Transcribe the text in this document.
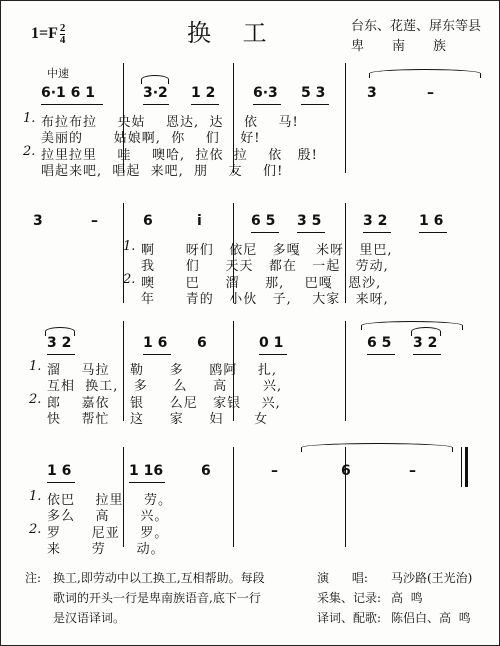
$1=F \frac{2}{4}$	换 工	台东、花莲、屏东等县
卑 南 族
中速
6·1 6 1	3·2 1 2	6·3 5 3	3	–
1. 布拉布拉    央姑    恩达,  达    依    马!
美丽的      姑娘啊,  你    们    好!
2. 拉里拉里    哇    噢哈,  拉依  拉    依   殷!
唱起来吧,  唱起  来吧,  朋    友    们!
3	–	6	i	6 5 3 5	3 2 1 6
1. 啊      呀们   依尼   多嘎   米呀   里巴,
我      们     天天   都在   一起   劳动,
2. 噢      巴     溜     那,    巴嘎   恩沙,
年      青的   小伙   子,    大家   来呀,
3 2	1 6 6	0 1	6 5 3 2
1. 溜    马拉    勒     多     鸥阿    扎,
互相  换工,   多     么     高       兴,
2. 郎    嘉依    银     么尼   家银    兴,
快    帮忙    这     家     妇      女
1 6	1 16	6	–	6	–
1. 依巴    拉里    劳。
多么    高      兴。
2. 罗      尼亚    罗。
来      劳      动。
注: 换工,即劳动中以工换工,互相帮助。每段
歌词的开头一行是卑南族语音,底下一行
是汉语译词。
演      唱: 马沙路(王光治)
采集、记录: 高  鸣
译词、配歌: 陈侣白、高  鸣
